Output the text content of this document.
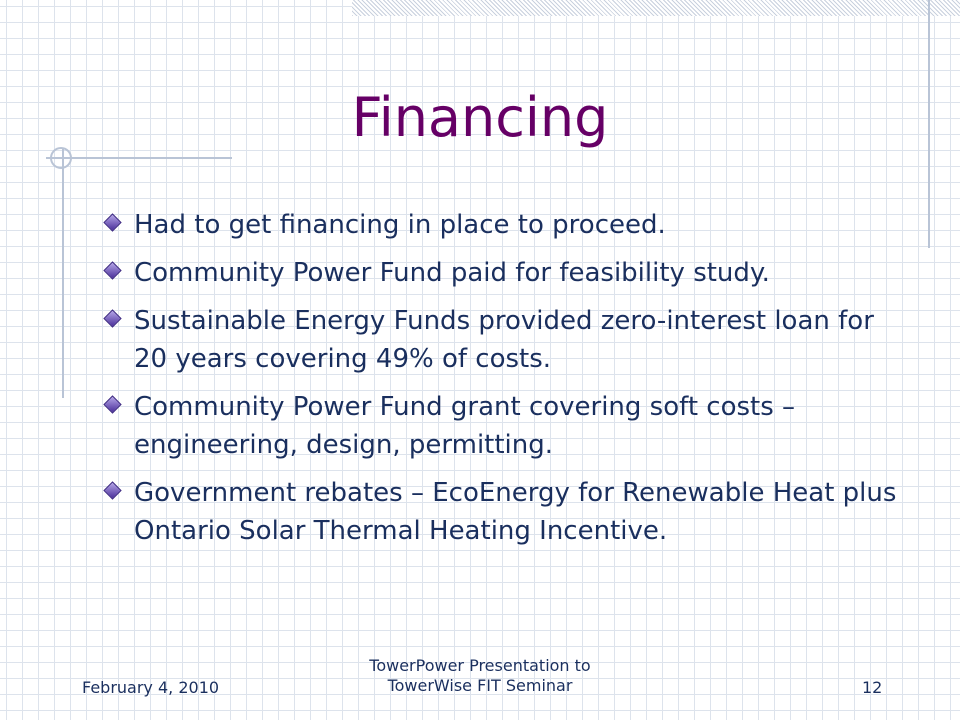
Financing
Had to get financing in place to proceed.
Community Power Fund paid for feasibility study.
Sustainable Energy Funds provided zero-interest loan for 20 years covering 49% of costs.
Community Power Fund grant covering soft costs – engineering, design, permitting.
Government rebates – EcoEnergy for Renewable Heat plus Ontario Solar Thermal Heating Incentive.
February 4, 2010
TowerPower Presentation to
TowerWise FIT Seminar	12
